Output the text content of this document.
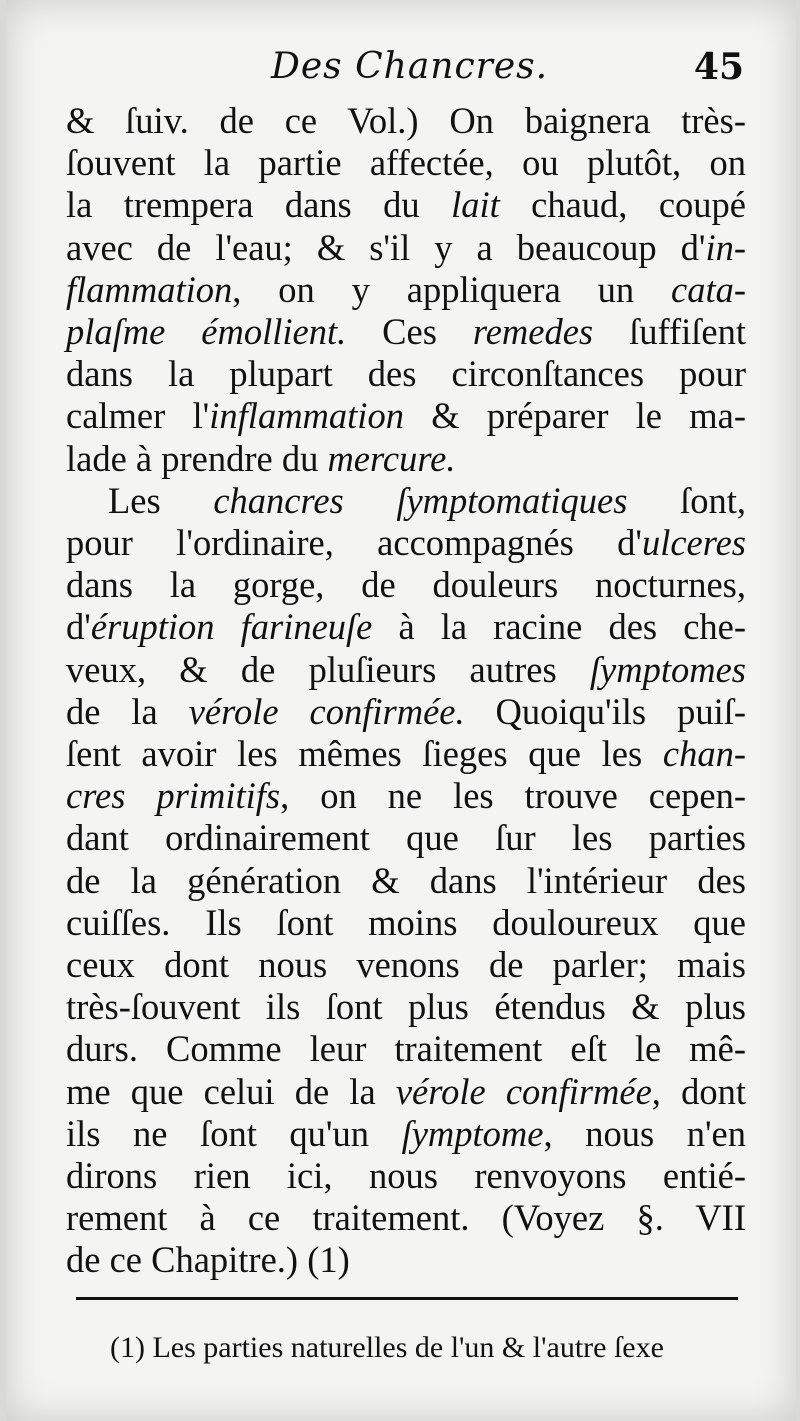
Des Chancres.	45
& ſuiv. de ce Vol.) On baignera très-
ſouvent la partie affectée, ou plutôt, on
la trempera dans du lait chaud, coupé
avec de l'eau; & s'il y a beaucoup d'in-
flammation, on y appliquera un cata-
plaſme émollient. Ces remedes ſuffiſent
dans la plupart des circonſtances pour
calmer l'inflammation & préparer le ma-
lade à prendre du mercure.
Les chancres ſymptomatiques ſont,
pour l'ordinaire, accompagnés d'ulceres
dans la gorge, de douleurs nocturnes,
d'éruption farineuſe à la racine des che-
veux, & de pluſieurs autres ſymptomes
de la vérole confirmée. Quoiqu'ils puiſ-
ſent avoir les mêmes ſieges que les chan-
cres primitifs, on ne les trouve cepen-
dant ordinairement que ſur les parties
de la génération & dans l'intérieur des
cuiſſes. Ils ſont moins douloureux que
ceux dont nous venons de parler; mais
très-ſouvent ils ſont plus étendus & plus
durs. Comme leur traitement eſt le mê-
me que celui de la vérole confirmée, dont
ils ne ſont qu'un ſymptome, nous n'en
dirons rien ici, nous renvoyons entié-
rement à ce traitement. (Voyez §. VII
de ce Chapitre.) (1)
(1) Les parties naturelles de l'un & l'autre ſexe
